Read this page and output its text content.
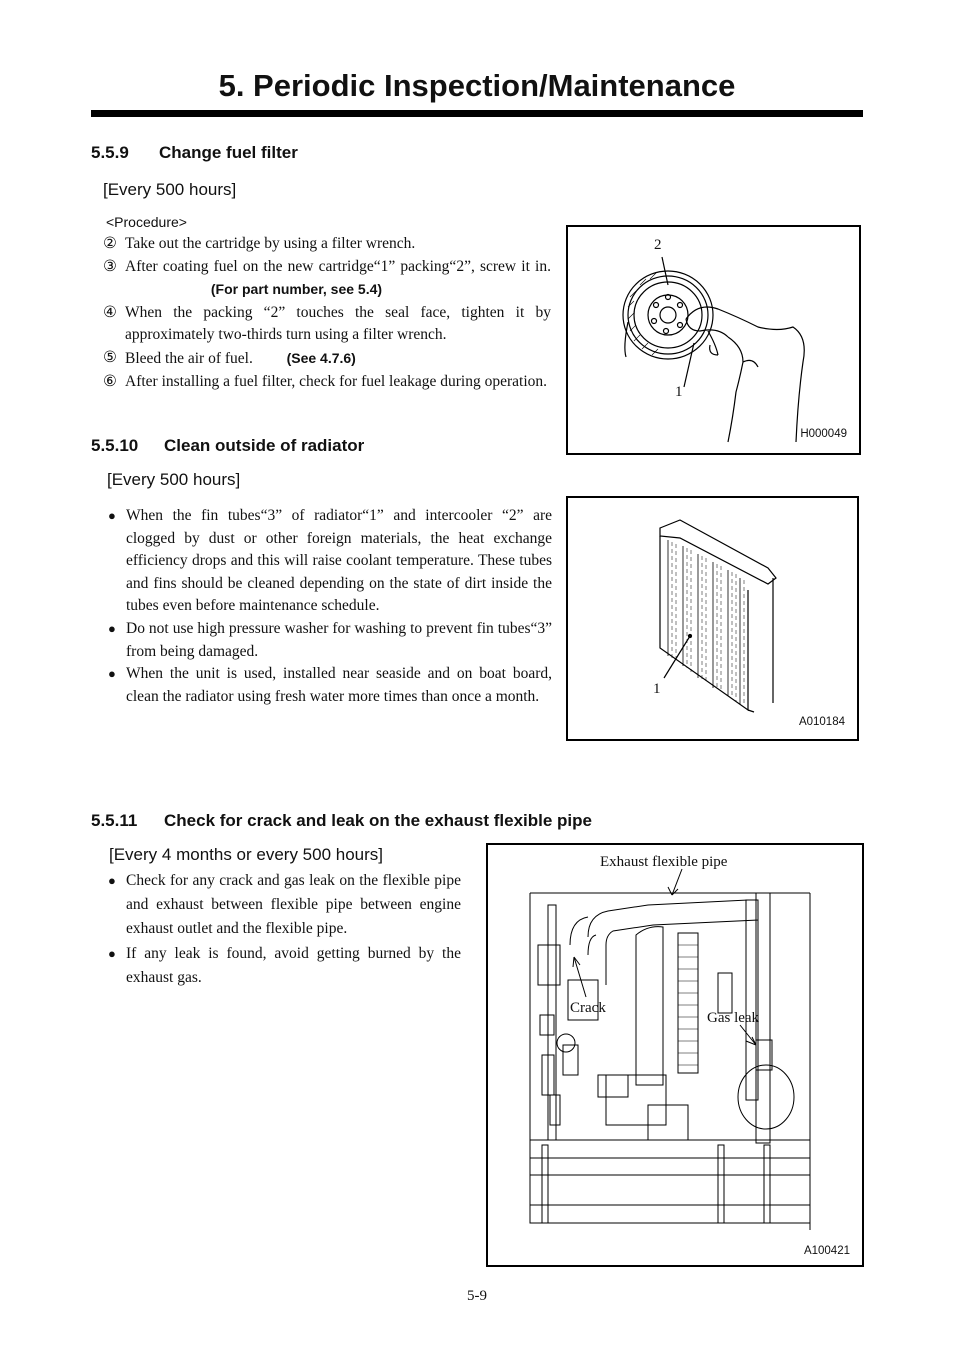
5. Periodic Inspection/Maintenance
5.5.9 Change fuel filter
[Every 500 hours]
<Procedure>
② Take out the cartridge by using a filter wrench.
③ After coating fuel on the new cartridge“1” packing“2”, screw it in.  (For part number, see 5.4)
④ When the packing “2” touches the seal face, tighten it by approximately two-thirds turn using a filter wrench.
⑤ Bleed the air of fuel. (See 4.7.6)
⑥ After installing a fuel filter, check for fuel leakage during operation.
2
1
H000049
5.5.10 Clean outside of radiator
[Every 500 hours]
● When the fin tubes“3” of radiator“1” and intercooler “2” are clogged by dust or other foreign materials, the heat exchange efficiency drops and this will raise coolant temperature. These tubes and fins should be cleaned depending on the state of dirt inside the tubes even before maintenance schedule.
● Do not use high pressure washer for washing to prevent fin tubes“3” from being damaged.
● When the unit is used, installed near seaside and on boat board, clean the radiator using fresh water more times than once a month.	1
A010184
5.5.11 Check for crack and leak on the exhaust flexible pipe
[Every 4 months or every 500 hours]
● Check for any crack and gas leak on the flexible pipe and exhaust between flexible pipe between engine exhaust outlet and the flexible pipe.
● If any leak is found, avoid getting burned by the exhaust gas.
Exhaust flexible pipe
Crack
Gas leak
A100421
5-9
